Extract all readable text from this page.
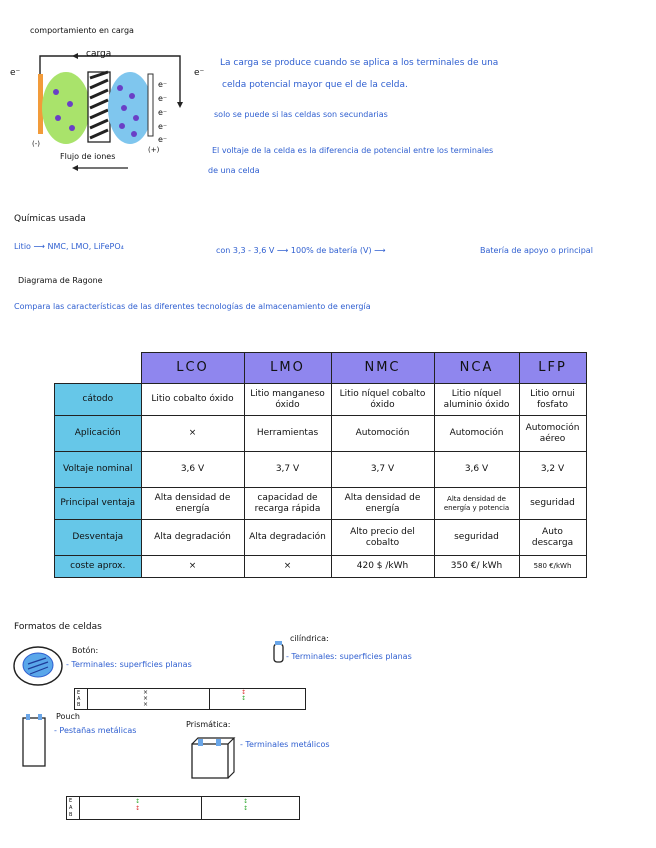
comportamiento en carga
carga
e⁻	e⁻
e⁻
e⁻
e⁻
e⁻
e⁻
(-)
(+)
Flujo de iones
La carga se produce cuando se aplica a los terminales de una
celda potencial mayor que el de la celda.
solo se puede si las celdas son secundarias
El voltaje de la celda es la diferencia de potencial entre los terminales
de una celda
Químicas usada
Litio ⟶ NMC, LMO, LiFePO₄	con 3,3 - 3,6 V ⟶ 100% de batería (V) ⟶	Batería de apoyo o principal
Diagrama de Ragone
Compara las características de las diferentes tecnologías de almacenamiento de energía
	LCO	LMO	NMC	NCA	LFP
cátodo	Litio cobalto óxido	Litio manganeso óxido	Litio níquel cobalto óxido	Litio níquel aluminio óxido	Litio ornui fosfato
Aplicación	×	Herramientas	Automoción	Automoción	Automoción aéreo
Voltaje nominal	3,6 V	3,7 V	3,7 V	3,6 V	3,2 V
Principal ventaja	Alta densidad de energía	capacidad de recarga rápida	Alta densidad de energía	Alta densidad de energía y potencia	seguridad
Desventaja	Alta degradación	Alta degradación	Alto precio del cobalto	seguridad	Auto descarga
coste aprox.	×	×	420 $ /kWh	350 €/ kWh	580 €/kWh
Formatos de celdas
Botón:
- Terminales: superficies planas
cilíndrica:
- Terminales: superficies planas
E
A
B
×
×
×
↕
↕
Pouch
- Pestañas metálicas
Prismática:
- Terminales metálicos
E
A
B
↕
↕
↕
↕
